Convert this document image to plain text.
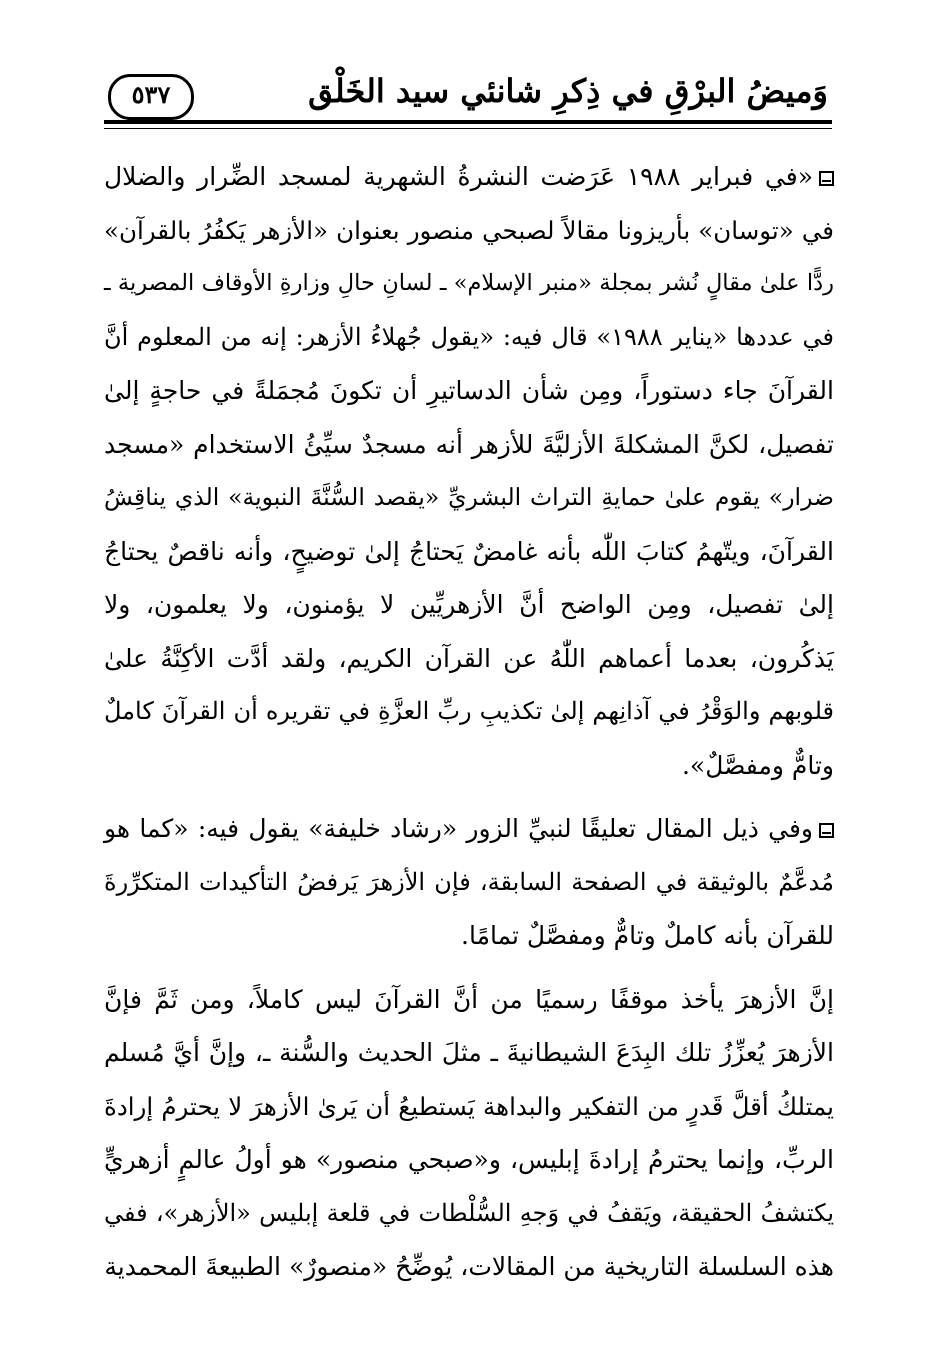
وَميضُ البرْقِ في ذِكرِ شانئي سيد الخَلْق
٥٣٧

«في فبراير ١٩٨٨ عَرَضت النشرةُ الشهرية لمسجد الضِّرار والضلال
في «توسان» بأريزونا مقالاً لصبحي منصور بعنوان «الأزهر يَكفُرُ بالقرآن»
ردًّا علىٰ مقالٍ نُشر بمجلة «منبر الإسلام» ـ لسانِ حالِ وزارةِ الأوقاف المصرية ـ
في عددها «يناير ١٩٨٨» قال فيه: «يقول جُهلاءُ الأزهر: إنه من المعلوم أنَّ
القرآنَ جاء دستوراً، ومِن شأن الدساتيرِ أن تكونَ مُجمَلةً في حاجةٍ إلىٰ
تفصيل، لكنَّ المشكلةَ الأزليَّةَ للأزهر أنه مسجدٌ سيِّئُ الاستخدام «مسجد
ضرار» يقوم علىٰ حمايةِ التراث البشريِّ «يقصد السُّنَّةَ النبوية» الذي يناقِشُ
القرآنَ، ويتّهمُ كتابَ اللّٰه بأنه غامضٌ يَحتاجُ إلىٰ توضيحٍ، وأنه ناقصٌ يحتاجُ
إلىٰ تفصيل، ومِن الواضح أنَّ الأزهريِّين لا يؤمنون، ولا يعلمون، ولا
يَذكُرون، بعدما أعماهم اللّٰهُ عن القرآن الكريم، ولقد أدَّت الأكِنَّةُ علىٰ
قلوبهم والوَقْرُ في آذانِهم إلىٰ تكذيبِ ربِّ العزَّةِ في تقريره أن القرآنَ كاملٌ
وتامٌّ ومفصَّلٌ».

وفي ذيل المقال تعليقًا لنبيِّ الزور «رشاد خليفة» يقول فيه: «كما هو
مُدعَّمٌ بالوثيقة في الصفحة السابقة، فإن الأزهرَ يَرفضُ التأكيدات المتكرِّرةَ
للقرآن بأنه كاملٌ وتامٌّ ومفصَّلٌ تمامًا.

إنَّ الأزهرَ يأخذ موقفًا رسميًا من أنَّ القرآنَ ليس كاملاً، ومن ثَمَّ فإنَّ
الأزهرَ يُعزِّزُ تلك البِدَعَ الشيطانيةَ ـ مثلَ الحديث والسُّنة ـ، وإنَّ أيَّ مُسلم
يمتلكُ أقلَّ قَدرٍ من التفكير والبداهة يَستطيعُ أن يَرىٰ الأزهرَ لا يحترمُ إرادةَ
الربِّ، وإنما يحترمُ إرادةَ إبليس، و«صبحي منصور» هو أولُ عالمٍ أزهريٍّ
يكتشفُ الحقيقة، ويَقفُ في وَجهِ السُّلْطات في قلعة إبليس «الأزهر»، ففي
هذه السلسلة التاريخية من المقالات، يُوضِّحُ «منصورٌ» الطبيعةَ المحمدية
